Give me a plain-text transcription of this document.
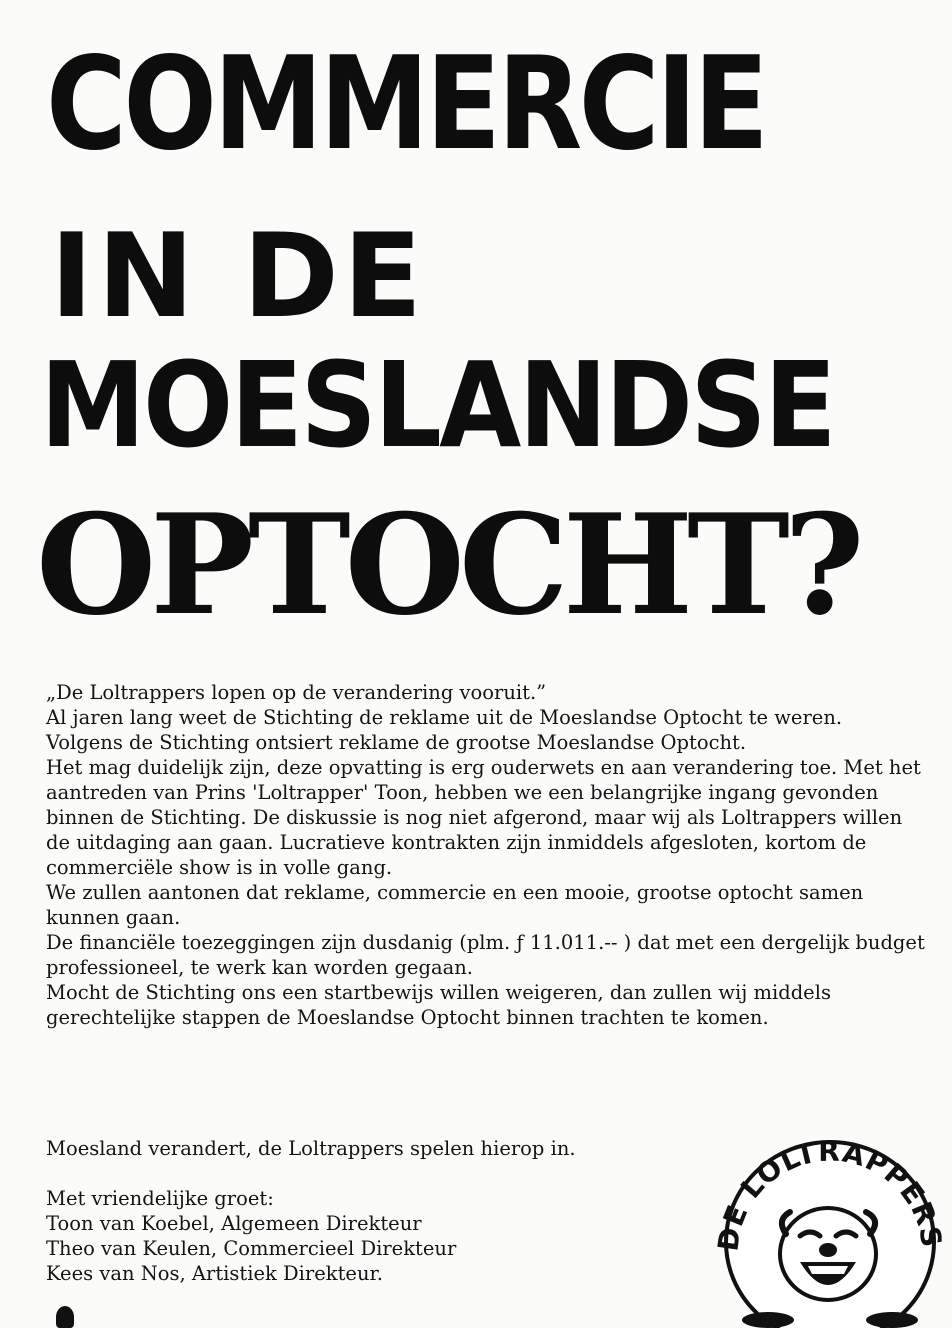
COMMERCIE
IN DE
MOESLANDSE
OPTOCHT?

„De Loltrappers lopen op de verandering vooruit.”

Al jaren lang weet de Stichting de reklame uit de Moeslandse Optocht te weren.

Volgens de Stichting ontsiert reklame de grootse Moeslandse Optocht.

Het mag duidelijk zijn, deze opvatting is erg ouderwets en aan verandering toe. Met het aantreden van Prins 'Loltrapper' Toon, hebben we een belangrijke ingang gevonden binnen de Stichting. De diskussie is nog niet afgerond, maar wij als Loltrappers willen de uitdaging aan gaan. Lucratieve kontrakten zijn inmiddels afgesloten, kortom de commerciële show is in volle gang.

We zullen aantonen dat reklame, commercie en een mooie, grootse optocht samen kunnen gaan.

De financiële toezeggingen zijn dusdanig (plm. ƒ 11.011.-- ) dat met een dergelijk budget professioneel, te werk kan worden gegaan.

Mocht de Stichting ons een startbewijs willen weigeren, dan zullen wij middels gerechtelijke stappen de Moeslandse Optocht binnen trachten te komen.

Moesland verandert, de Loltrappers spelen hierop in.

Met vriendelijke groet:

Toon van Koebel, Algemeen Direkteur

Theo van Keulen, Commercieel Direkteur

Kees van Nos, Artistiek Direkteur.

E LOLTRAPPER
